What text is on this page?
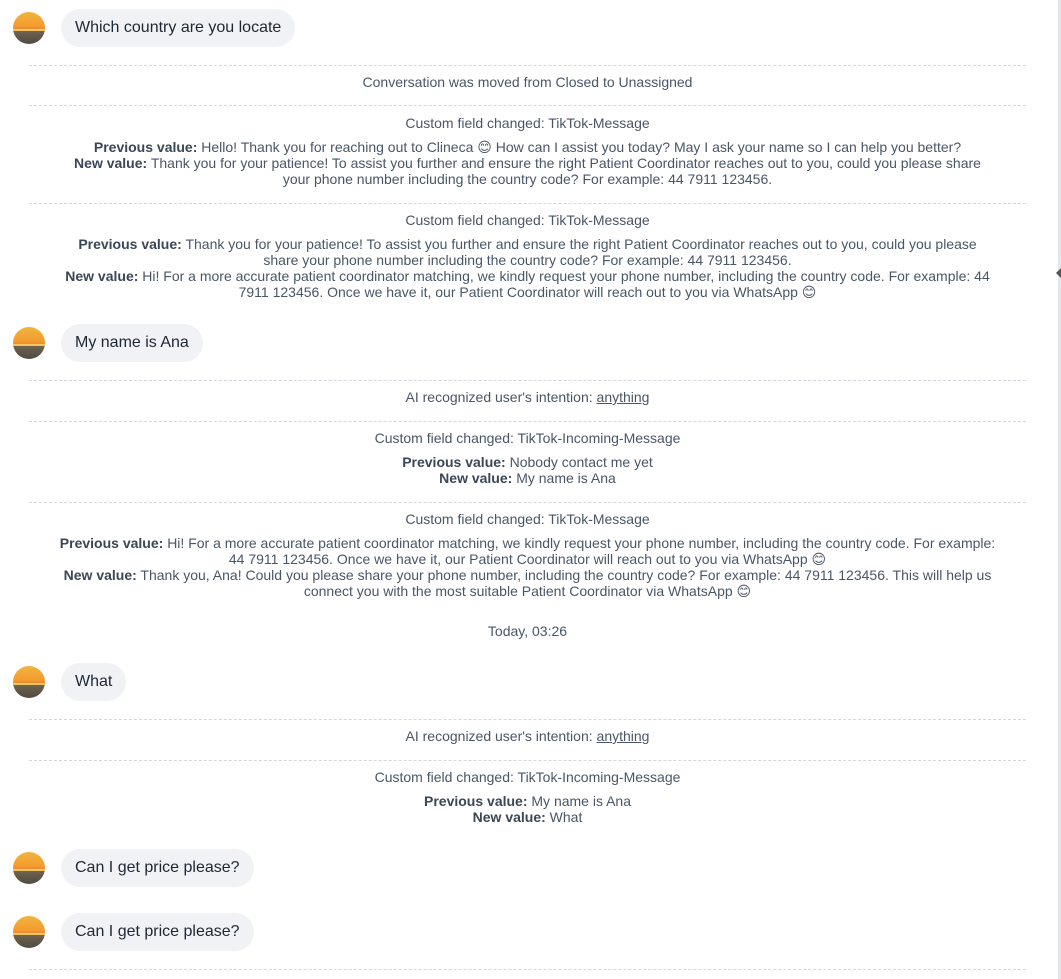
Which country are you locate
Conversation was moved from Closed to Unassigned
Custom field changed: TikTok-Message
Previous value: Hello! Thank you for reaching out to Clineca 😊 How can I assist you today? May I ask your name so I can help you better?
New value: Thank you for your patience! To assist you further and ensure the right Patient Coordinator reaches out to you, could you please share your phone number including the country code? For example: 44 7911 123456.
Custom field changed: TikTok-Message
Previous value: Thank you for your patience! To assist you further and ensure the right Patient Coordinator reaches out to you, could you please share your phone number including the country code? For example: 44 7911 123456.
New value: Hi! For a more accurate patient coordinator matching, we kindly request your phone number, including the country code. For example: 44 7911 123456. Once we have it, our Patient Coordinator will reach out to you via WhatsApp 😊
My name is Ana
AI recognized user's intention: anything
Custom field changed: TikTok-Incoming-Message
Previous value: Nobody contact me yet
New value: My name is Ana
Custom field changed: TikTok-Message
Previous value: Hi! For a more accurate patient coordinator matching, we kindly request your phone number, including the country code. For example: 44 7911 123456. Once we have it, our Patient Coordinator will reach out to you via WhatsApp 😊
New value: Thank you, Ana! Could you please share your phone number, including the country code? For example: 44 7911 123456. This will help us connect you with the most suitable Patient Coordinator via WhatsApp 😊
Today, 03:26
What
AI recognized user's intention: anything
Custom field changed: TikTok-Incoming-Message
Previous value: My name is Ana
New value: What
Can I get price please?
Can I get price please?
